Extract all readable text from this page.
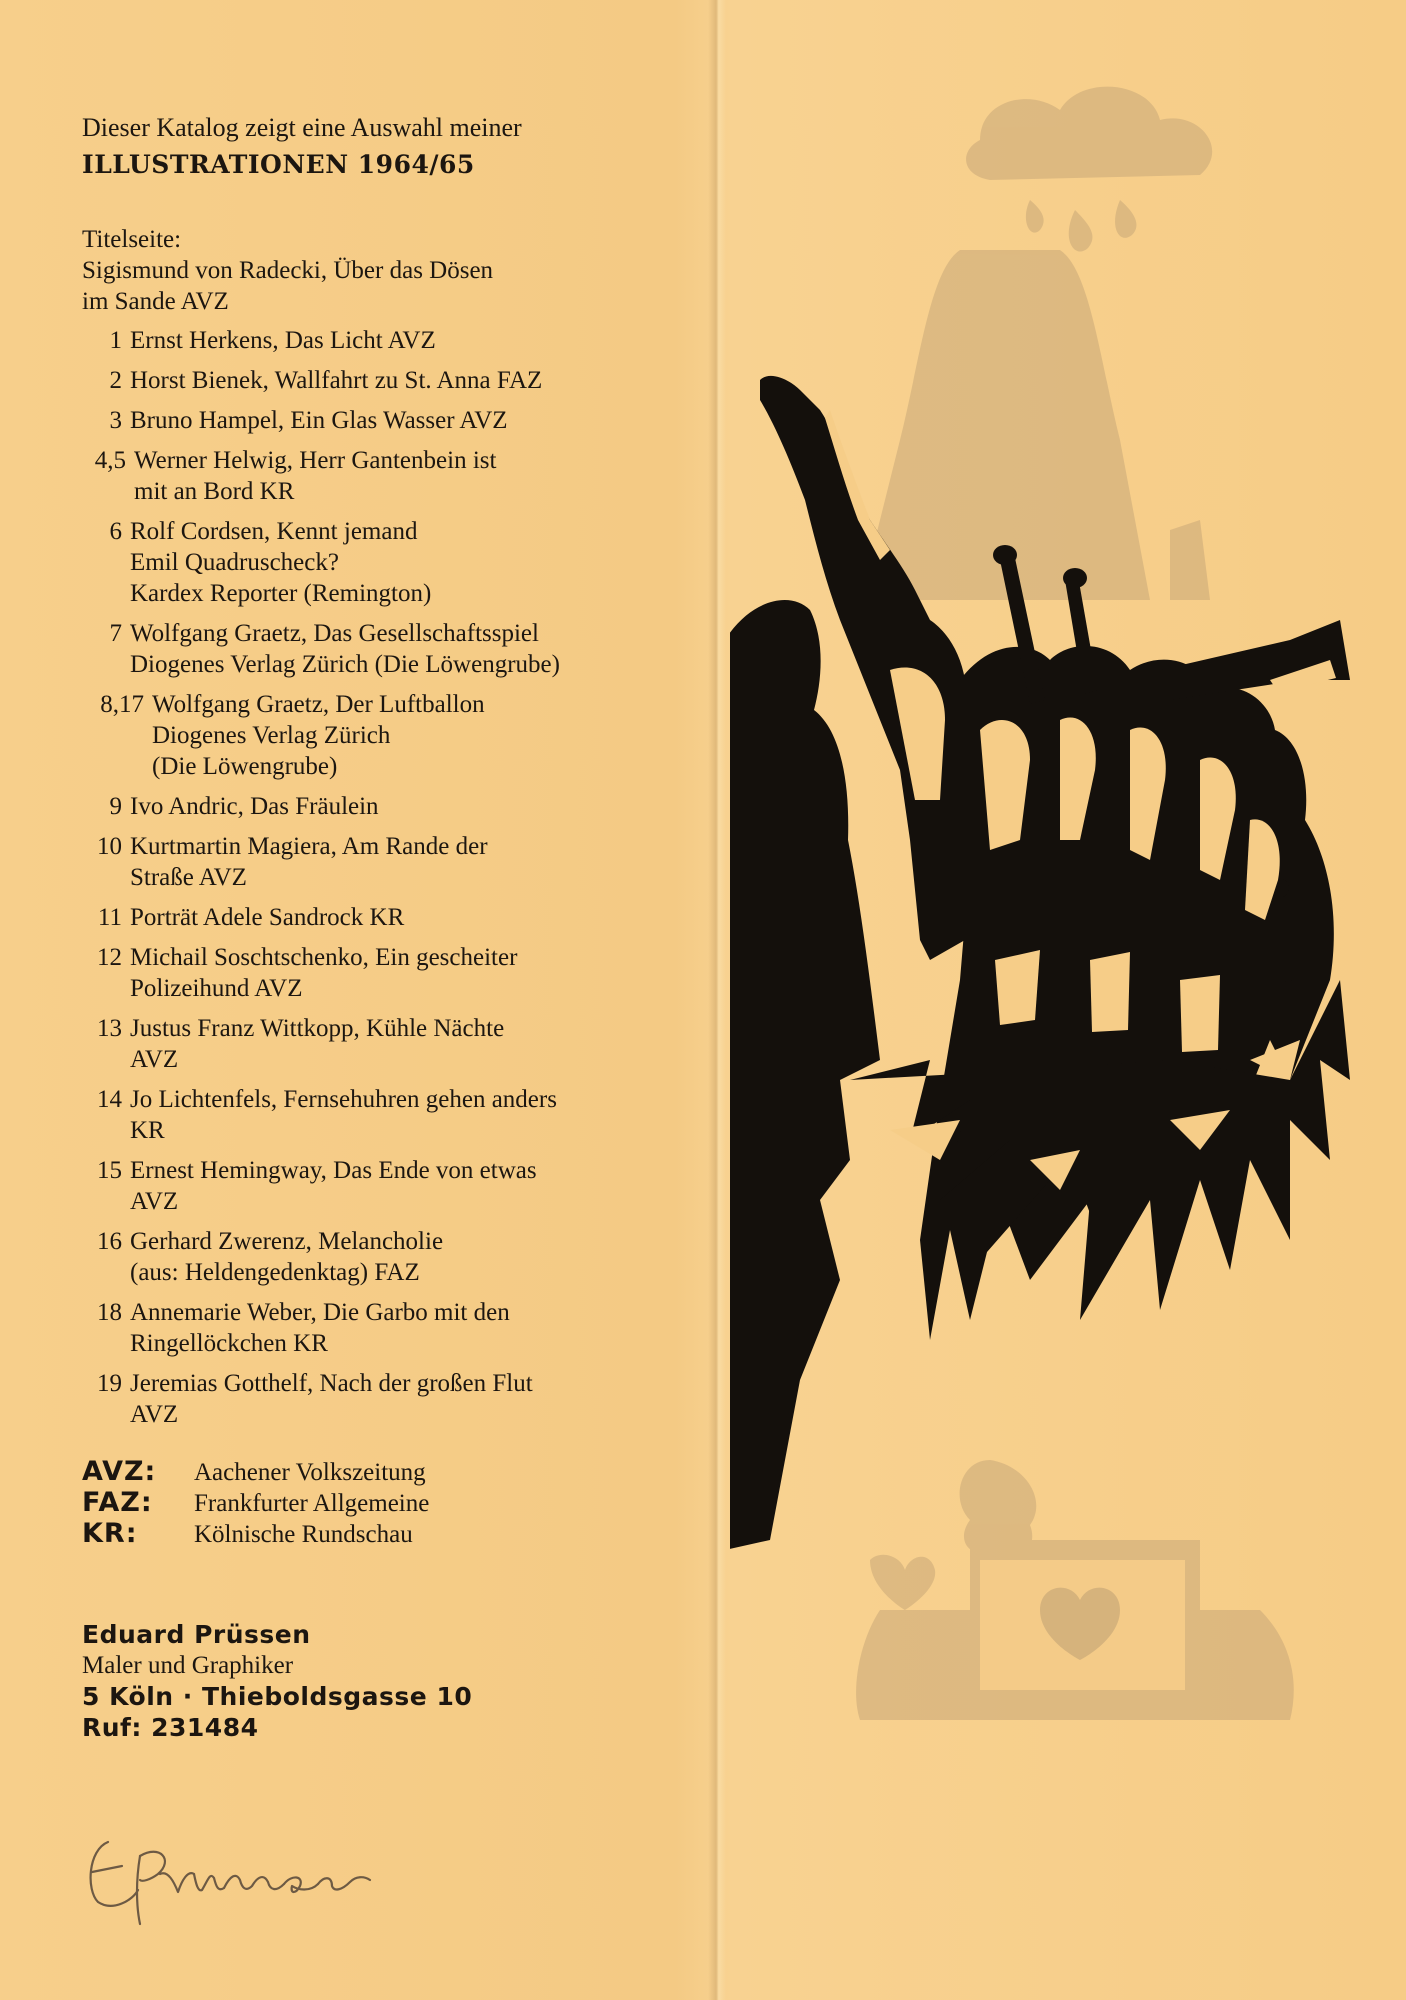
Dieser Katalog zeigt eine Auswahl meiner
ILLUSTRATIONEN 1964/65
Titelseite:
Sigismund von Radecki, Über das Dösen
im Sande AVZ
1 Ernst Herkens, Das Licht AVZ
2 Horst Bienek, Wallfahrt zu St. Anna FAZ
3 Bruno Hampel, Ein Glas Wasser AVZ
4,5 Werner Helwig, Herr Gantenbein ist
mit an Bord KR
6 Rolf Cordsen, Kennt jemand
Emil Quadruscheck?
Kardex Reporter (Remington)
7 Wolfgang Graetz, Das Gesellschaftsspiel
Diogenes Verlag Zürich (Die Löwengrube)
8,17 Wolfgang Graetz, Der Luftballon
Diogenes Verlag Zürich
(Die Löwengrube)
9 Ivo Andric, Das Fräulein
10 Kurtmartin Magiera, Am Rande der
Straße AVZ
11 Porträt Adele Sandrock KR
12 Michail Soschtschenko, Ein gescheiter
Polizeihund AVZ
13 Justus Franz Wittkopp, Kühle Nächte
AVZ
14 Jo Lichtenfels, Fernsehuhren gehen anders
KR
15 Ernest Hemingway, Das Ende von etwas
AVZ
16 Gerhard Zwerenz, Melancholie
(aus: Heldengedenktag) FAZ
18 Annemarie Weber, Die Garbo mit den
Ringellöckchen KR
19 Jeremias Gotthelf, Nach der großen Flut
AVZ
AVZ:	Aachener Volkszeitung
FAZ:	Frankfurter Allgemeine
KR:	Kölnische Rundschau
Eduard Prüssen
Maler und Graphiker
5 Köln · Thieboldsgasse 10
Ruf: 231484
